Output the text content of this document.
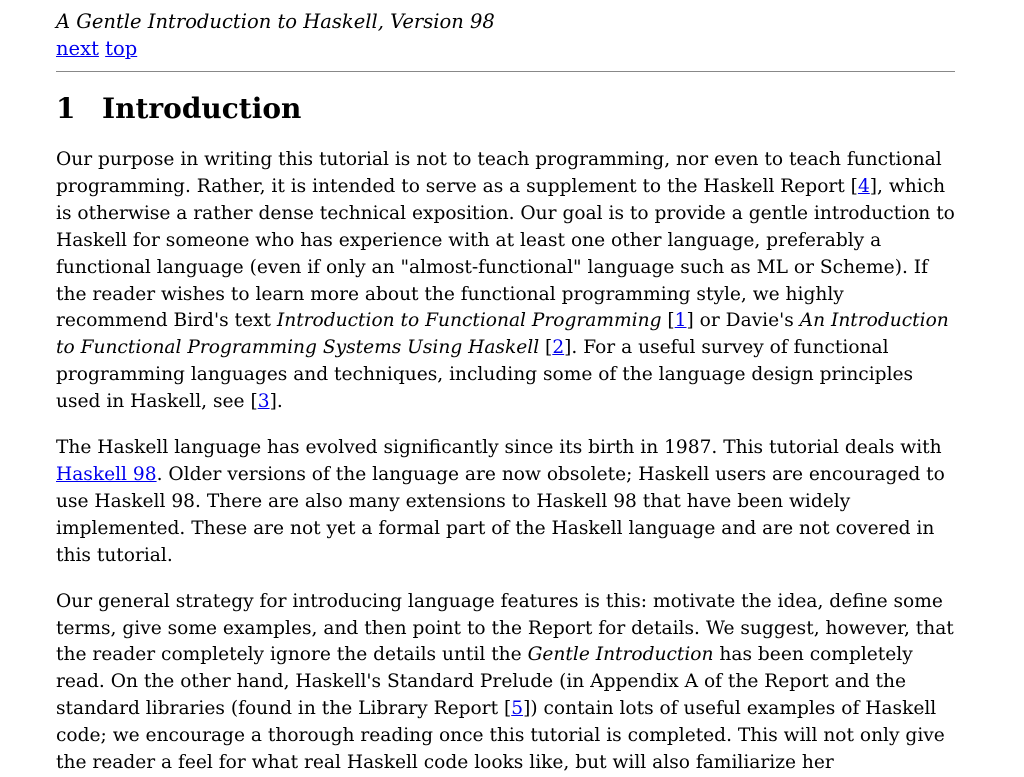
A Gentle Introduction to Haskell, Version 98
next top
1 Introduction

Our purpose in writing this tutorial is not to teach programming, nor even to teach functional programming. Rather, it is intended to serve as a supplement to the Haskell Report [4], which is otherwise a rather dense technical exposition. Our goal is to provide a gentle introduction to Haskell for someone who has experience with at least one other language, preferably a functional language (even if only an "almost-functional" language such as ML or Scheme). If the reader wishes to learn more about the functional programming style, we highly recommend Bird's text Introduction to Functional Programming [1] or Davie's An Introduction to Functional Programming Systems Using Haskell [2]. For a useful survey of functional programming languages and techniques, including some of the language design principles used in Haskell, see [3].

The Haskell language has evolved significantly since its birth in 1987. This tutorial deals with Haskell 98. Older versions of the language are now obsolete; Haskell users are encouraged to use Haskell 98. There are also many extensions to Haskell 98 that have been widely implemented. These are not yet a formal part of the Haskell language and are not covered in this tutorial.

Our general strategy for introducing language features is this: motivate the idea, define some terms, give some examples, and then point to the Report for details. We suggest, however, that the reader completely ignore the details until the Gentle Introduction has been completely read. On the other hand, Haskell's Standard Prelude (in Appendix A of the Report and the standard libraries (found in the Library Report [5]) contain lots of useful examples of Haskell code; we encourage a thorough reading once this tutorial is completed. This will not only give the reader a feel for what real Haskell code looks like, but will also familiarize her
